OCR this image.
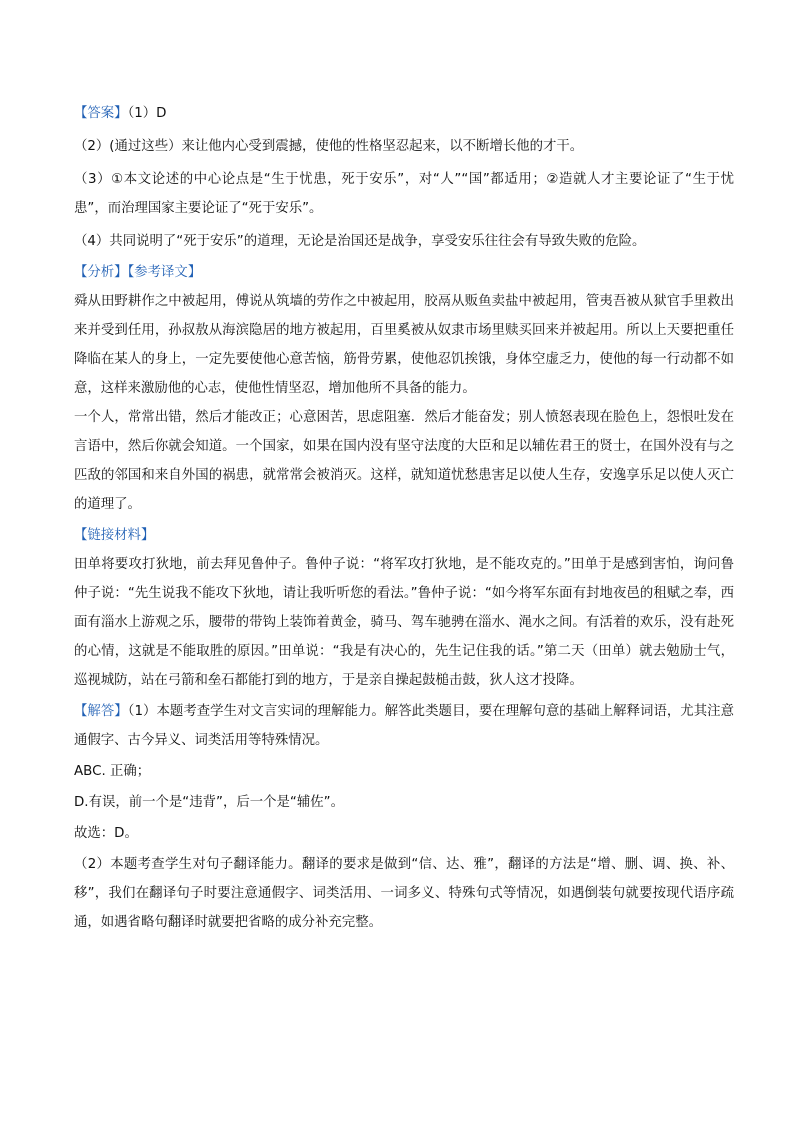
【答案】（1）D
（2）(通过这些）来让他内心受到震撼，使他的性格坚忍起来，以不断增长他的才干。
（3）①本文论述的中心论点是“生于忧患，死于安乐”，对“人”“国”都适用；②造就人才主要论证了“生于忧患”，而治理国家主要论证了“死于安乐”。
（4）共同说明了“死于安乐”的道理，无论是治国还是战争，享受安乐往往会有导致失败的危险。
【分析】【参考译文】
舜从田野耕作之中被起用，傅说从筑墙的劳作之中被起用，胶鬲从贩鱼卖盐中被起用，管夷吾被从狱官手里救出来并受到任用，孙叔敖从海滨隐居的地方被起用，百里奚被从奴隶市场里赎买回来并被起用。所以上天要把重任降临在某人的身上，一定先要使他心意苦恼，筋骨劳累，使他忍饥挨饿，身体空虚乏力，使他的每一行动都不如意，这样来激励他的心志，使他性情坚忍，增加他所不具备的能力。
一个人，常常出错，然后才能改正；心意困苦，思虑阻塞．然后才能奋发；别人愤怒表现在脸色上，怨恨吐发在言语中，然后你就会知道。一个国家，如果在国内没有坚守法度的大臣和足以辅佐君王的贤士，在国外没有与之匹敌的邻国和来自外国的祸患，就常常会被消灭。这样，就知道忧愁患害足以使人生存，安逸享乐足以使人灭亡的道理了。
【链接材料】
田单将要攻打狄地，前去拜见鲁仲子。鲁仲子说：“将军攻打狄地，是不能攻克的。”田单于是感到害怕，询问鲁仲子说：“先生说我不能攻下狄地，请让我听听您的看法。”鲁仲子说：“如今将军东面有封地夜邑的租赋之奉，西面有淄水上游观之乐，腰带的带钩上装饰着黄金，骑马、驾车驰骋在淄水、渑水之间。有活着的欢乐，没有赴死的心情，这就是不能取胜的原因。”田单说：“我是有决心的，先生记住我的话。”第二天（田单）就去勉励士气，巡视城防，站在弓箭和垒石都能打到的地方，于是亲自操起鼓槌击鼓，狄人这才投降。
【解答】（1）本题考查学生对文言实词的理解能力。解答此类题目，要在理解句意的基础上解释词语，尤其注意通假字、古今异义、词类活用等特殊情况。
ABC. 正确；
D.有误，前一个是“违背”，后一个是“辅佐”。
故选：D。
（2）本题考查学生对句子翻译能力。翻译的要求是做到“信、达、雅”，翻译的方法是“增、删、调、换、补、移”，我们在翻译句子时要注意通假字、词类活用、一词多义、特殊句式等情况，如遇倒装句就要按现代语序疏通，如遇省略句翻译时就要把省略的成分补充完整。
